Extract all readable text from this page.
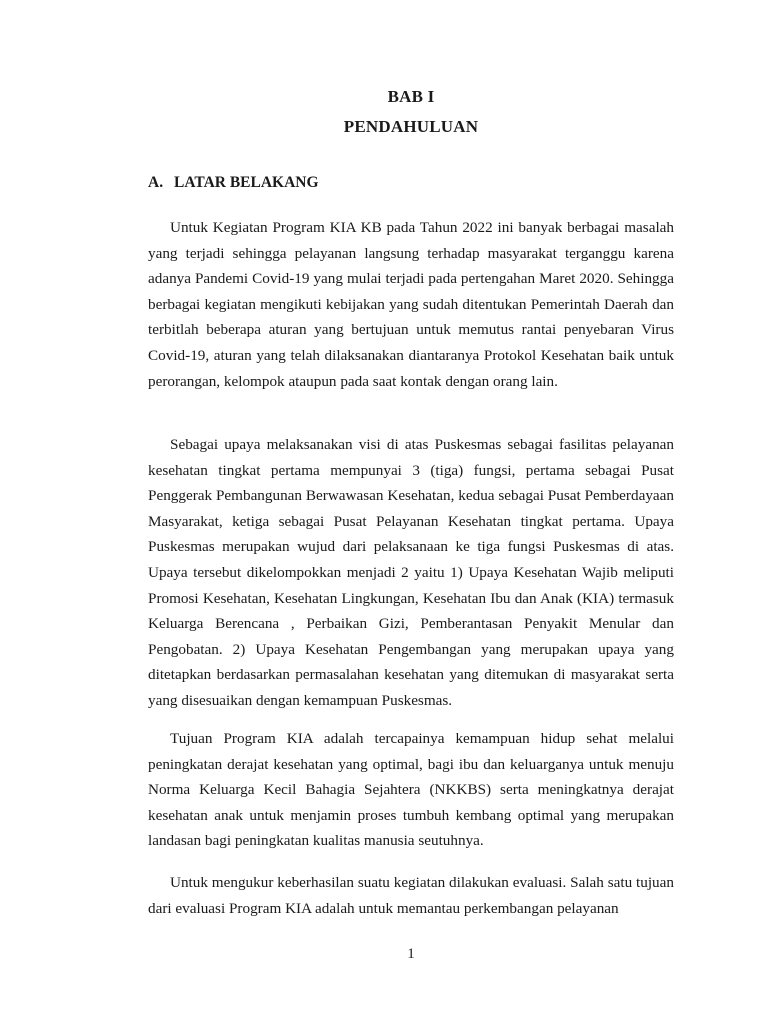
BAB I
PENDAHULUAN
A. LATAR BELAKANG

Untuk Kegiatan Program KIA KB pada Tahun 2022 ini banyak berbagai masalah yang terjadi sehingga pelayanan langsung terhadap masyarakat terganggu karena adanya Pandemi Covid-19 yang mulai terjadi pada pertengahan Maret 2020. Sehingga berbagai kegiatan mengikuti kebijakan yang sudah ditentukan Pemerintah Daerah dan terbitlah beberapa aturan yang bertujuan untuk memutus rantai penyebaran Virus Covid-19, aturan yang telah dilaksanakan diantaranya Protokol Kesehatan baik untuk perorangan, kelompok ataupun pada saat kontak dengan orang lain.

Sebagai upaya melaksanakan visi di atas Puskesmas sebagai fasilitas pelayanan kesehatan tingkat pertama mempunyai 3 (tiga) fungsi, pertama sebagai Pusat Penggerak Pembangunan Berwawasan Kesehatan, kedua sebagai Pusat Pemberdayaan Masyarakat, ketiga sebagai Pusat Pelayanan Kesehatan tingkat pertama. Upaya Puskesmas merupakan wujud dari pelaksanaan ke tiga fungsi Puskesmas di atas. Upaya tersebut dikelompokkan menjadi 2 yaitu 1) Upaya Kesehatan Wajib meliputi Promosi Kesehatan, Kesehatan Lingkungan, Kesehatan Ibu dan Anak (KIA) termasuk Keluarga Berencana , Perbaikan Gizi, Pemberantasan Penyakit Menular dan Pengobatan. 2) Upaya Kesehatan Pengembangan yang merupakan upaya yang ditetapkan berdasarkan permasalahan kesehatan yang ditemukan di masyarakat serta yang disesuaikan dengan kemampuan Puskesmas.

Tujuan Program KIA adalah tercapainya kemampuan hidup sehat melalui peningkatan derajat kesehatan yang optimal, bagi ibu dan keluarganya untuk menuju Norma Keluarga Kecil Bahagia Sejahtera (NKKBS) serta meningkatnya derajat kesehatan anak untuk menjamin proses tumbuh kembang optimal yang merupakan landasan bagi peningkatan kualitas manusia seutuhnya.

Untuk mengukur keberhasilan suatu kegiatan dilakukan evaluasi. Salah satu tujuan dari evaluasi Program KIA adalah untuk memantau perkembangan pelayanan

1
